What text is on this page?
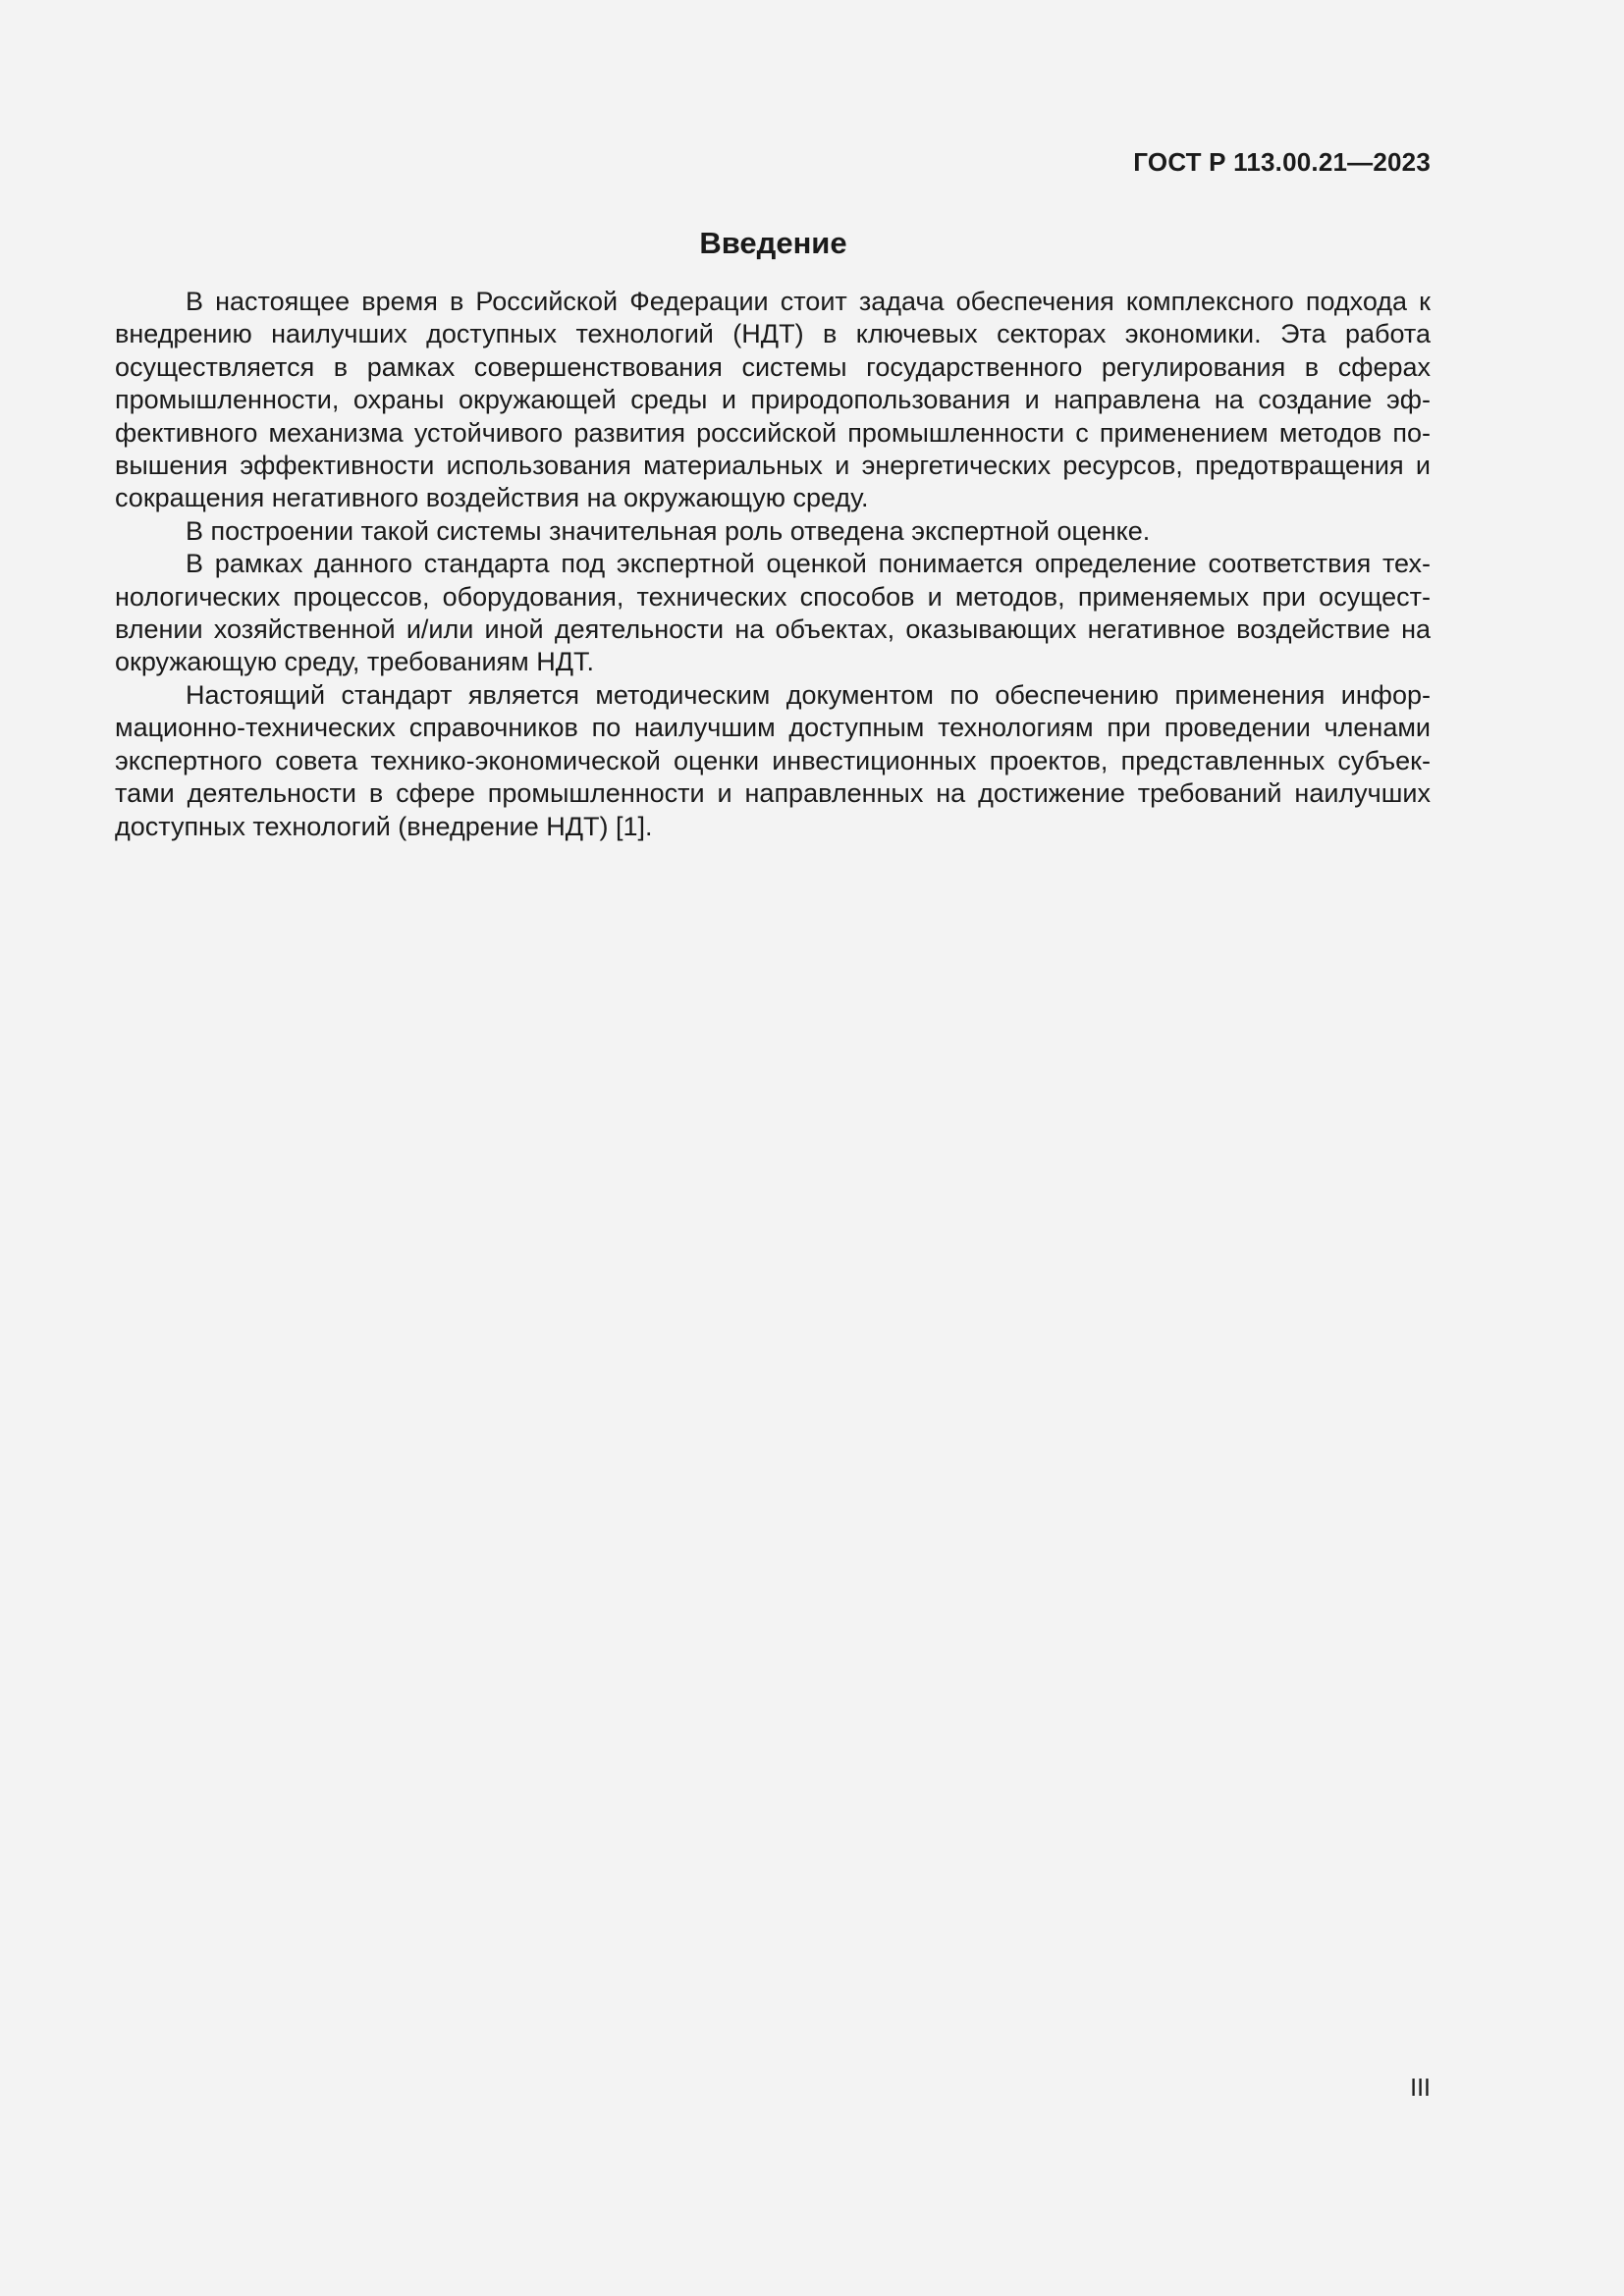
ГОСТ Р 113.00.21—2023
Введение

В настоящее время в Российской Федерации стоит задача обеспечения комплексного подхода к внедрению наилучших доступных технологий (НДТ) в ключевых секторах экономики. Эта работа осуществляется в рамках совершенствования системы государственного регулирования в сферах промышленности, охраны окружающей среды и природопользования и направлена на создание эффективного механизма устойчивого развития российской промышленности с применением методов повышения эффективности использования материальных и энергетических ресурсов, предотвращения и сокращения негативного воздействия на окружающую среду.

В построении такой системы значительная роль отведена экспертной оценке.

В рамках данного стандарта под экспертной оценкой понимается определение соответствия технологических процессов, оборудования, технических способов и методов, применяемых при осуществлении хозяйственной и/или иной деятельности на объектах, оказывающих негативное воздействие на окружающую среду, требованиям НДТ.

Настоящий стандарт является методическим документом по обеспечению применения информационно-технических справочников по наилучшим доступным технологиям при проведении членами экспертного совета технико-экономической оценки инвестиционных проектов, представленных субъектами деятельности в сфере промышленности и направленных на достижение требований наилучших доступных технологий (внедрение НДТ) [1].

III
